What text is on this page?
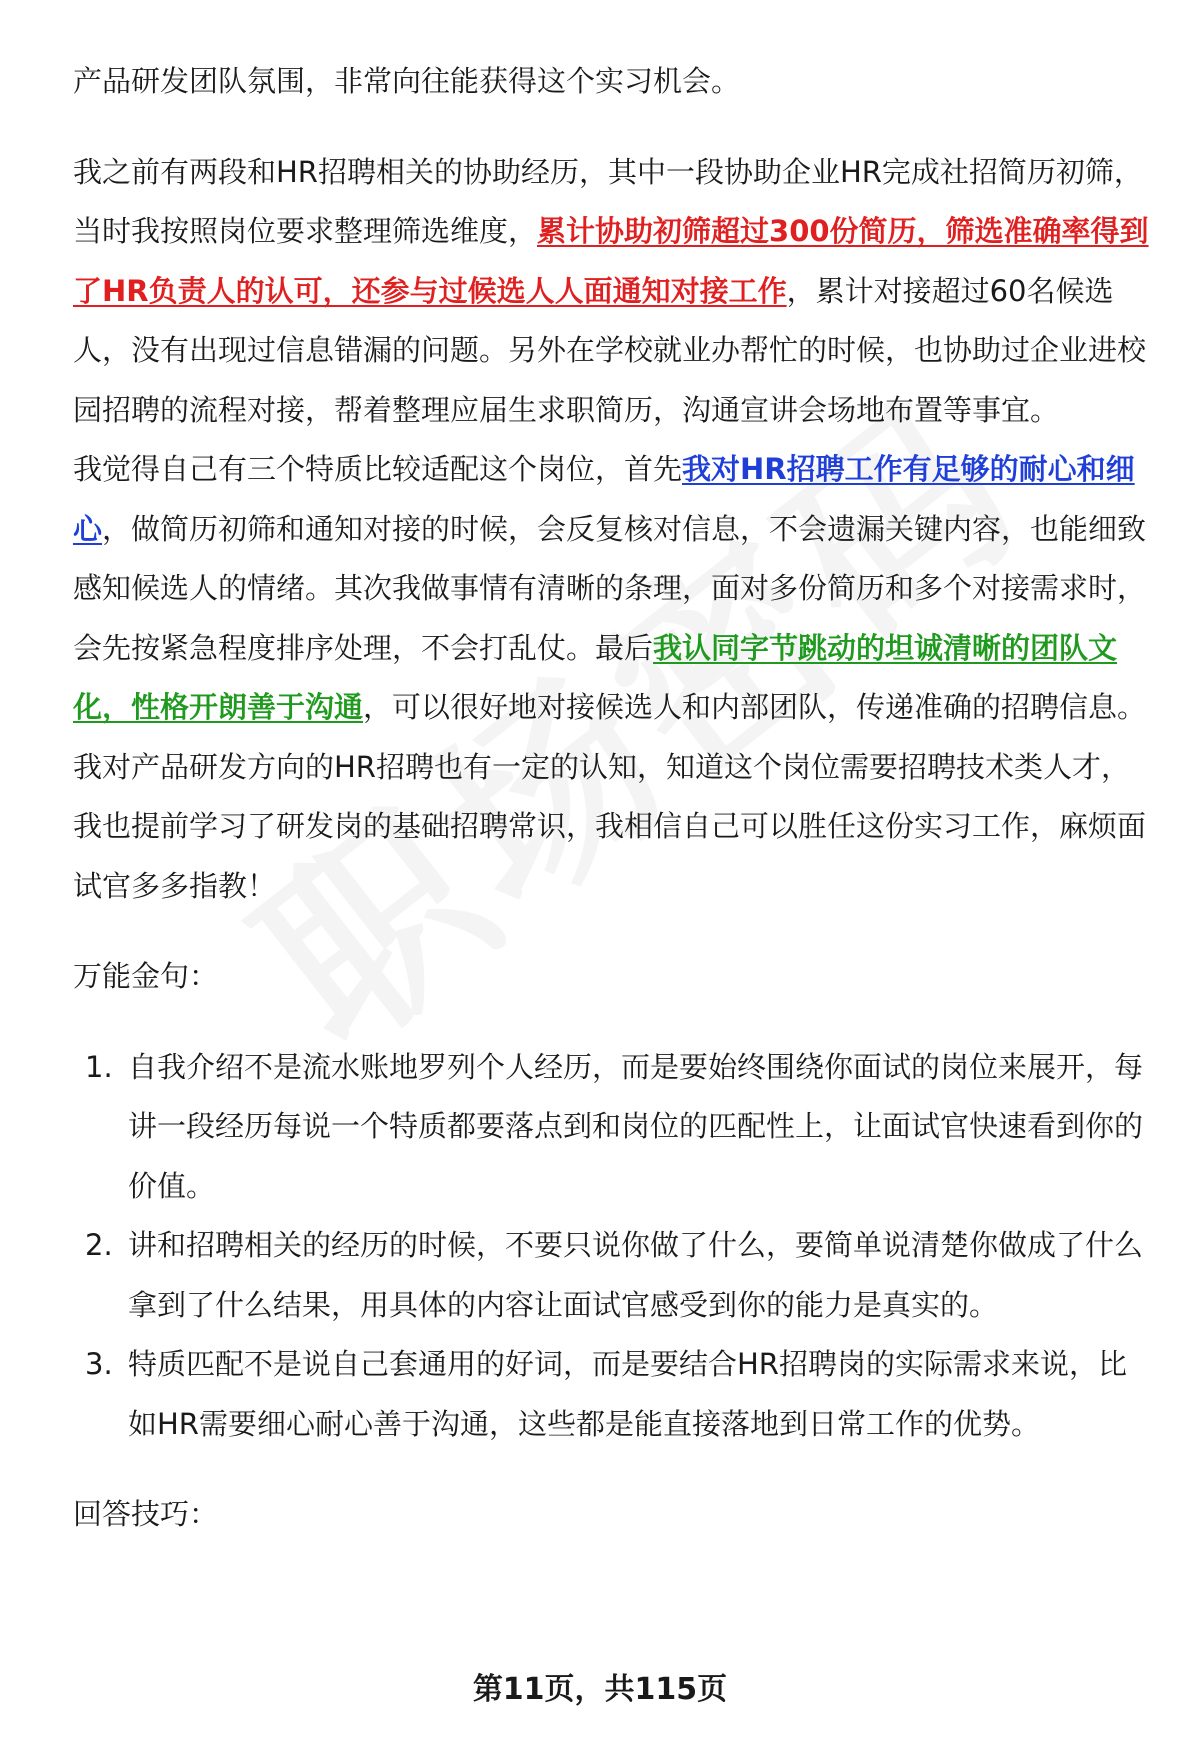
产品研发团队氛围，非常向往能获得这个实习机会。

我之前有两段和HR招聘相关的协助经历，其中一段协助企业HR完成社招简历初筛，当时我按照岗位要求整理筛选维度，累计协助初筛超过300份简历，筛选准确率得到了HR负责人的认可，还参与过候选人人面通知对接工作，累计对接超过60名候选人，没有出现过信息错漏的问题。另外在学校就业办帮忙的时候，也协助过企业进校园招聘的流程对接，帮着整理应届生求职简历，沟通宣讲会场地布置等事宜。

我觉得自己有三个特质比较适配这个岗位，首先我对HR招聘工作有足够的耐心和细心，做简历初筛和通知对接的时候，会反复核对信息，不会遗漏关键内容，也能细致感知候选人的情绪。其次我做事情有清晰的条理，面对多份简历和多个对接需求时，会先按紧急程度排序处理，不会打乱仗。最后我认同字节跳动的坦诚清晰的团队文化，性格开朗善于沟通，可以很好地对接候选人和内部团队，传递准确的招聘信息。

我对产品研发方向的HR招聘也有一定的认知，知道这个岗位需要招聘技术类人才，我也提前学习了研发岗的基础招聘常识，我相信自己可以胜任这份实习工作，麻烦面试官多多指教！

万能金句：

1. 自我介绍不是流水账地罗列个人经历，而是要始终围绕你面试的岗位来展开，每讲一段经历每说一个特质都要落点到和岗位的匹配性上，让面试官快速看到你的价值。
2. 讲和招聘相关的经历的时候，不要只说你做了什么，要简单说清楚你做成了什么拿到了什么结果，用具体的内容让面试官感受到你的能力是真实的。
3. 特质匹配不是说自己套通用的好词，而是要结合HR招聘岗的实际需求来说，比如HR需要细心耐心善于沟通，这些都是能直接落地到日常工作的优势。

回答技巧：

第11页，共115页
